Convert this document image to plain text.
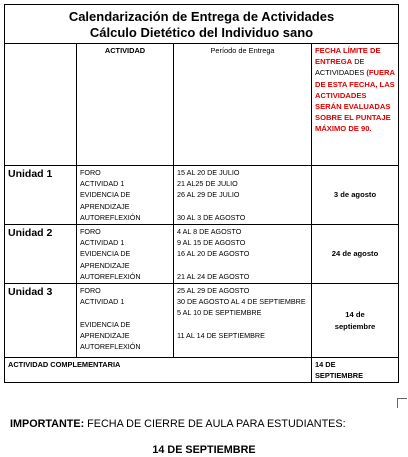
Calendarización de Entrega de Actividades
Cálculo Dietético del Individuo sano			

	ACTIVIDAD	Período de Entrega	FECHA LÍMITE DE ENTREGA DE ACTIVIDADES (FUERA DE ESTA FECHA, LAS ACTIVIDADES SERÁN EVALUADAS SOBRE EL PUNTAJE MÁXIMO DE 90.
Unidad 1	FORO
ACTIVIDAD 1
EVIDENCIA DE APRENDIZAJE
AUTOREFLEXIÓN	15 AL 20 DE JULIO
21 AL25 DE JULIO
26 AL 29 DE JULIO
30 AL 3 DE AGOSTO	3 de agosto
Unidad 2	FORO
ACTIVIDAD 1
EVIDENCIA DE APRENDIZAJE
AUTOREFLEXIÓN	4 AL 8 DE AGOSTO
9 AL 15 DE AGOSTO
16 AL 20 DE AGOSTO
21 AL 24 DE AGOSTO	24 de agosto
Unidad 3	FORO
ACTIVIDAD 1
EVIDENCIA DE APRENDIZAJE
AUTOREFLEXIÓN	25 AL 29 DE AGOSTO
30 DE AGOSTO AL 4 DE SEPTIEMBRE
5 AL 10 DE SEPTIEMBRE
11 AL 14 DE SEPTIEMBRE	14 de septiembre
ACTIVIDAD COMPLEMENTARIA			14 DE SEPTIEMBRE
IMPORTANTE: FECHA DE CIERRE DE AULA PARA ESTUDIANTES:
14 DE SEPTIEMBRE
